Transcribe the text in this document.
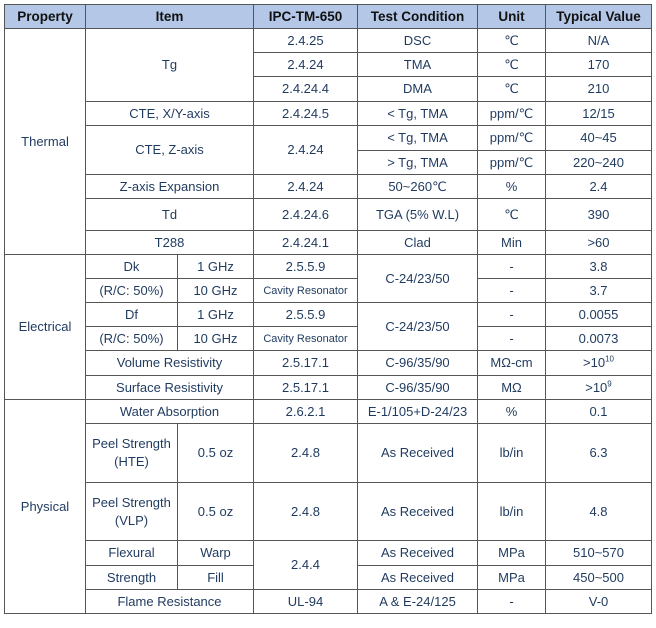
Property	Item		IPC-TM-650	Test Condition	Unit	Typical Value
Thermal	Tg		2.4.25	DSC	℃	N/A
			2.4.24	TMA	℃	170
			2.4.24.4	DMA	℃	210
	CTE, X/Y-axis		2.4.24.5	< Tg, TMA	ppm/℃	12/15
	CTE, Z-axis		2.4.24	< Tg, TMA	ppm/℃	40~45
				> Tg, TMA	ppm/℃	220~240
	Z-axis Expansion		2.4.24	50~260℃	%	2.4
	Td		2.4.24.6	TGA (5% W.L)	℃	390
	T288		2.4.24.1	Clad	Min	>60

Electrical	Dk	1 GHz	2.5.5.9	C-24/23/50	-	3.8
	(R/C: 50%)	10 GHz	Cavity Resonator		-	3.7
	Df	1 GHz	2.5.5.9	C-24/23/50	-	0.0055
	(R/C: 50%)	10 GHz	Cavity Resonator		-	0.0073
	Volume Resistivity		2.5.17.1	C-96/35/90	MΩ-cm	$>10^{10}$
	Surface Resistivity		2.5.17.1	C-96/35/90	MΩ	$>10^9$
Physical	Water Absorption		2.6.2.1	E-1/105+D-24/23	%	0.1
	Peel Strength (HTE)	0.5 oz	2.4.8	As Received	lb/in	6.3
	Peel Strength (VLP)	0.5 oz	2.4.8	As Received	lb/in	4.8
	Flexural	Warp	2.4.4	As Received	MPa	510~570
	Strength	Fill		As Received	MPa	450~500
	Flame Resistance		UL-94	A & E-24/125	-	V-0
